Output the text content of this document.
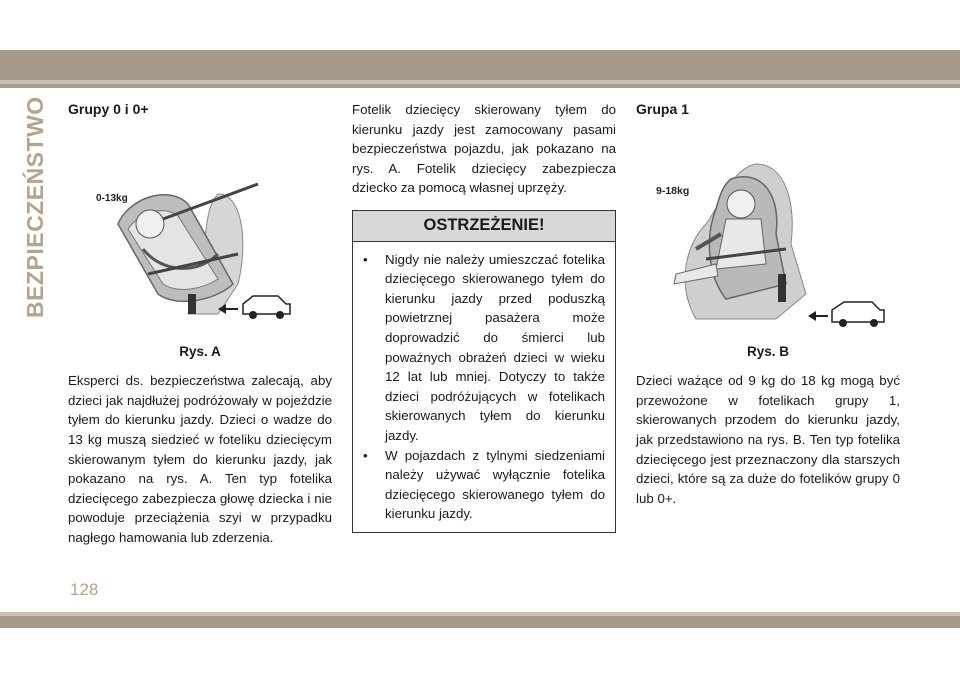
BEZPIECZEŃSTWO
128

Grupy 0 i 0+

0-13kg

Rys. A

Eksperci ds. bezpieczeństwa zalecają, aby dzieci jak najdłużej podróżowały w pojeździe tyłem do kierunku jazdy. Dzieci o wadze do 13 kg muszą siedzieć w foteliku dziecięcym skierowanym tyłem do kierunku jazdy, jak pokazano na rys. A. Ten typ fotelika dziecięcego zabezpiecza głowę dziecka i nie powoduje przeciążenia szyi w przypadku nagłego hamowania lub zderzenia.

Fotelik dziecięcy skierowany tyłem do kierunku jazdy jest zamocowany pasami bezpieczeństwa pojazdu, jak pokazano na rys. A. Fotelik dziecięcy zabezpiecza dziecko za pomocą własnej uprzęży.

OSTRZEŻENIE!
• Nigdy nie należy umieszczać fotelika dziecięcego skierowanego tyłem do kierunku jazdy przed poduszką powietrznej pasażera może doprowadzić do śmierci lub poważnych obrażeń dzieci w wieku 12 lat lub mniej. Dotyczy to także dzieci podróżujących w fotelikach skierowanych tyłem do kierunku jazdy.
• W pojazdach z tylnymi siedzeniami należy używać wyłącznie fotelika dziecięcego skierowanego tyłem do kierunku jazdy.

Grupa 1

9-18kg

Rys. B

Dzieci ważące od 9 kg do 18 kg mogą być przewożone w fotelikach grupy 1, skierowanych przodem do kierunku jazdy, jak przedstawiono na rys. B. Ten typ fotelika dziecięcego jest przeznaczony dla starszych dzieci, które są za duże do fotelików grupy 0 lub 0+.
